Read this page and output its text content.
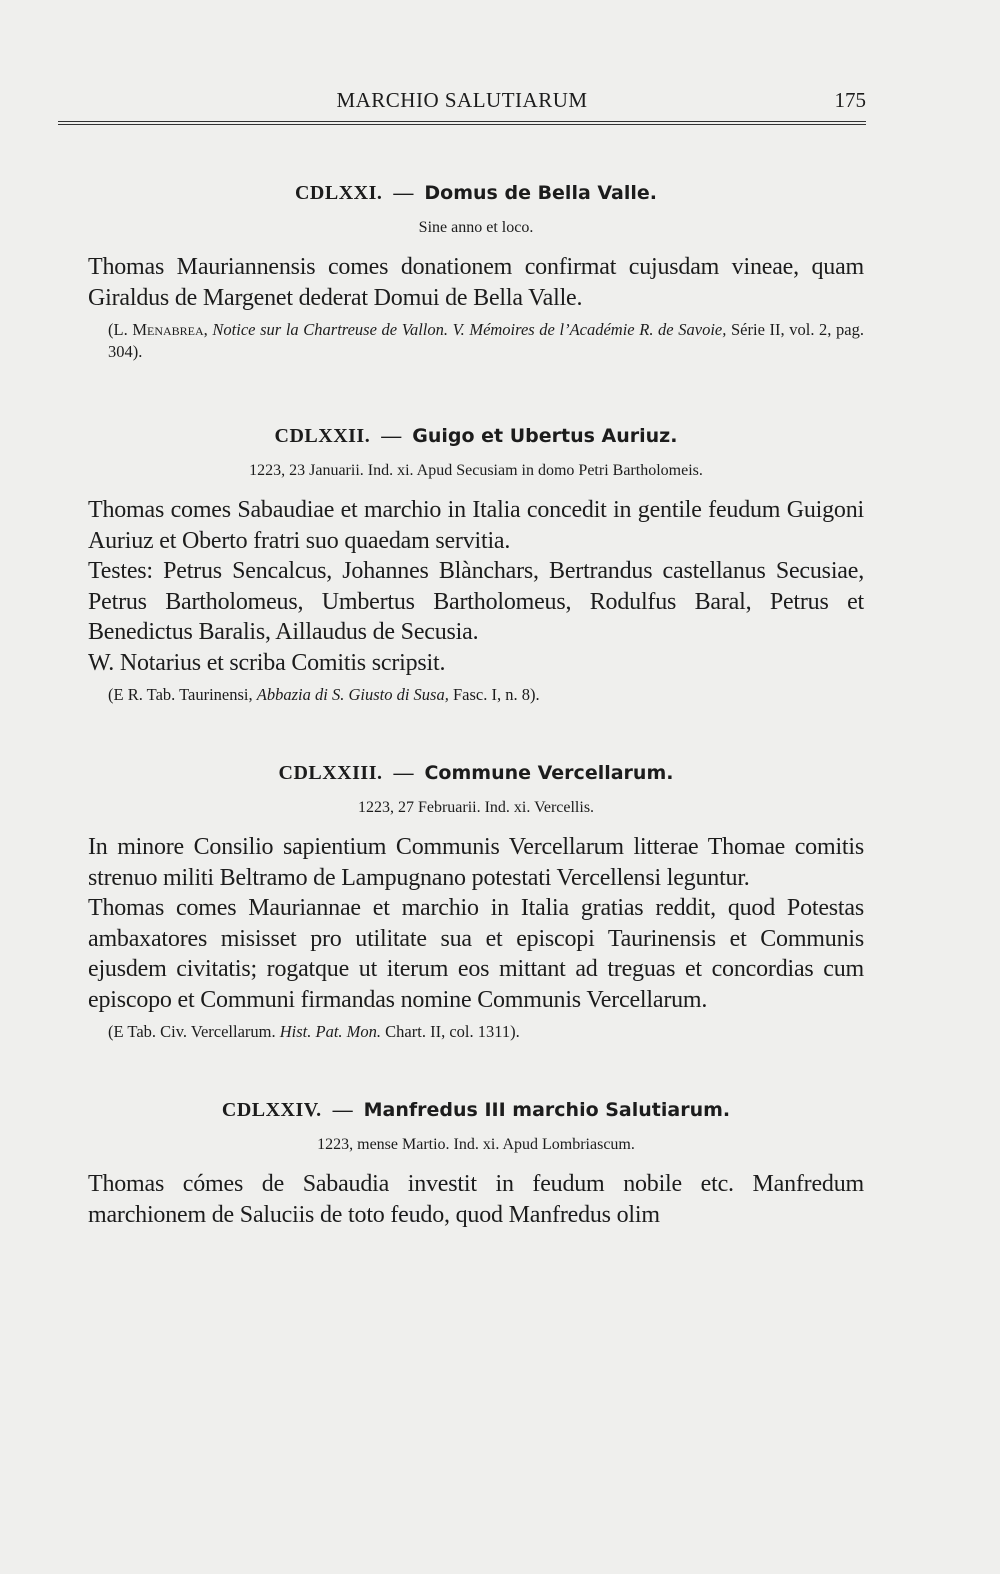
MARCHIO SALUTIARUM	175
CDLXXI. — Domus de Bella Valle.
Sine anno et loco.

Thomas Mauriannensis comes donationem confirmat cujusdam vineae, quam Giraldus de Margenet dederat Domui de Bella Valle.

(L. Menabrea, Notice sur la Chartreuse de Vallon. V. Mémoires de l’Académie R. de Savoie, Série II, vol. 2, pag. 304).

CDLXXII. — Guigo et Ubertus Auriuz.
1223, 23 Januarii. Ind. xi. Apud Secusiam in domo Petri Bartholomeis.

Thomas comes Sabaudiae et marchio in Italia concedit in gentile feudum Guigoni Auriuz et Oberto fratri suo quaedam servitia.

Testes: Petrus Sencalcus, Johannes Blànchars, Bertrandus castellanus Secusiae, Petrus Bartholomeus, Umbertus Bartholomeus, Rodulfus Baral, Petrus et Benedictus Baralis, Aillaudus de Secusia.

W. Notarius et scriba Comitis scripsit.

(E R. Tab. Taurinensi, Abbazia di S. Giusto di Susa, Fasc. I, n. 8).

CDLXXIII. — Commune Vercellarum.
1223, 27 Februarii. Ind. xi. Vercellis.

In minore Consilio sapientium Communis Vercellarum litterae Thomae comitis strenuo militi Beltramo de Lampugnano potestati Vercellensi leguntur.

Thomas comes Mauriannae et marchio in Italia gratias reddit, quod Potestas ambaxatores misisset pro utilitate sua et episcopi Taurinensis et Communis ejusdem civitatis; rogatque ut iterum eos mittant ad treguas et concordias cum episcopo et Communi firmandas nomine Communis Vercellarum.

(E Tab. Civ. Vercellarum. Hist. Pat. Mon. Chart. II, col. 1311).

CDLXXIV. — Manfredus III marchio Salutiarum.
1223, mense Martio. Ind. xi. Apud Lombriascum.

Thomas cómes de Sabaudia investit in feudum nobile etc. Manfredum marchionem de Saluciis de toto feudo, quod Manfredus olim
